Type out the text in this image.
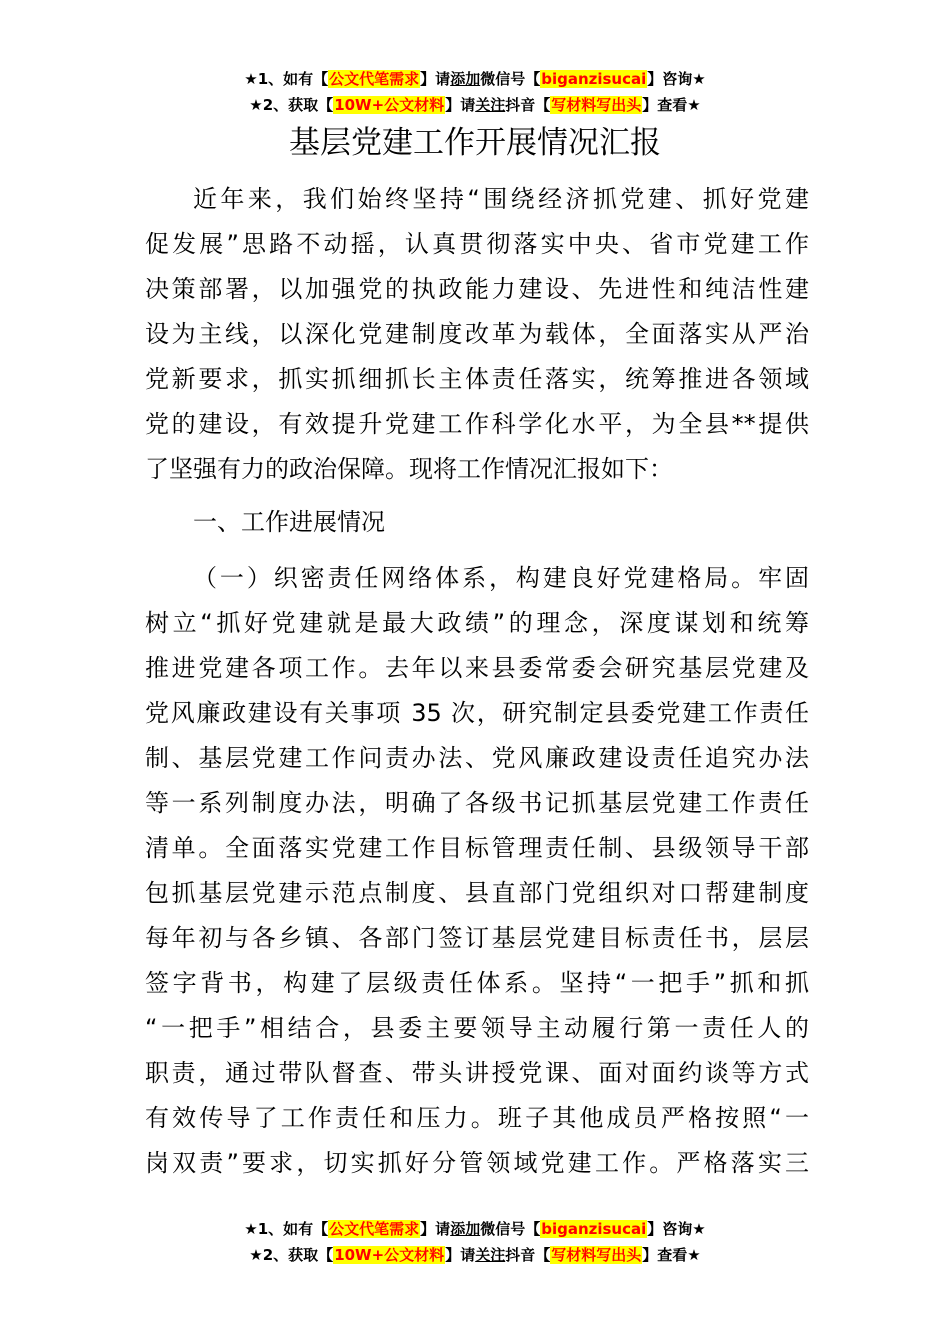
★1、如有【公文代笔需求】请添加微信号【biganzisucai】咨询★
★2、获取【10W+公文材料】请关注抖音【写材料写出头】查看★
基层党建工作开展情况汇报
近年来，我们始终坚持“围绕经济抓党建、抓好党建
促发展”思路不动摇，认真贯彻落实中央、省市党建工作
决策部署，以加强党的执政能力建设、先进性和纯洁性建
设为主线，以深化党建制度改革为载体，全面落实从严治
党新要求，抓实抓细抓长主体责任落实，统筹推进各领域
党的建设，有效提升党建工作科学化水平，为全县**提供
了坚强有力的政治保障。现将工作情况汇报如下：
一、工作进展情况
（一）织密责任网络体系，构建良好党建格局。牢固
树立“抓好党建就是最大政绩”的理念，深度谋划和统筹
推进党建各项工作。去年以来县委常委会研究基层党建及
党风廉政建设有关事项 35 次，研究制定县委党建工作责任
制、基层党建工作问责办法、党风廉政建设责任追究办法
等一系列制度办法，明确了各级书记抓基层党建工作责任
清单。全面落实党建工作目标管理责任制、县级领导干部
包抓基层党建示范点制度、县直部门党组织对口帮建制度
每年初与各乡镇、各部门签订基层党建目标责任书，层层
签字背书，构建了层级责任体系。坚持“一把手”抓和抓
“一把手”相结合，县委主要领导主动履行第一责任人的
职责，通过带队督查、带头讲授党课、面对面约谈等方式
有效传导了工作责任和压力。班子其他成员严格按照“一
岗双责”要求，切实抓好分管领域党建工作。严格落实三
★1、如有【公文代笔需求】请添加微信号【biganzisucai】咨询★
★2、获取【10W+公文材料】请关注抖音【写材料写出头】查看★
